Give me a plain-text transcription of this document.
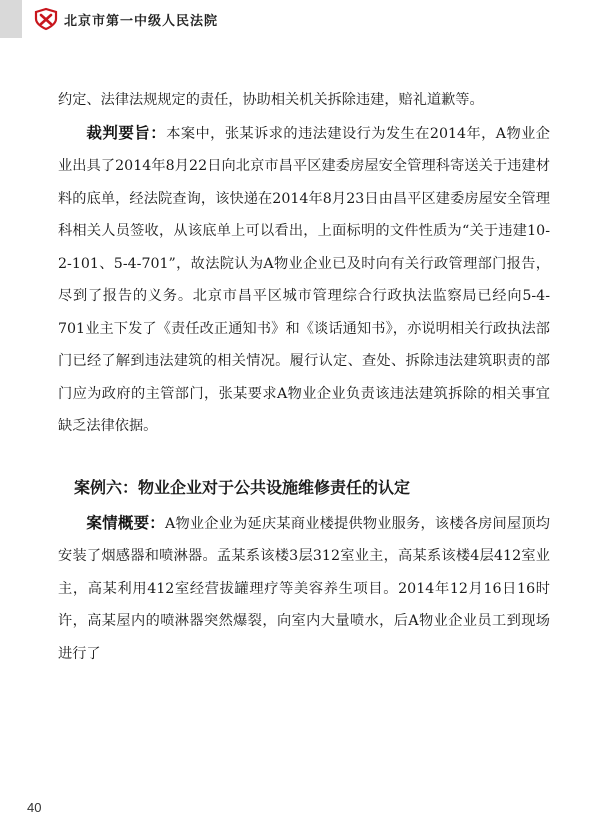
北京市第一中级人民法院

约定、法律法规规定的责任，协助相关机关拆除违建，赔礼道歉等。

裁判要旨：本案中，张某诉求的违法建设行为发生在2014年，A物业企业出具了2014年8月22日向北京市昌平区建委房屋安全管理科寄送关于违建材料的底单，经法院查询，该快递在2014年8月23日由昌平区建委房屋安全管理科相关人员签收，从该底单上可以看出，上面标明的文件性质为“关于违建10-2-101、5-4-701”，故法院认为A物业企业已及时向有关行政管理部门报告，尽到了报告的义务。北京市昌平区城市管理综合行政执法监察局已经向5-4-701业主下发了《责任改正通知书》和《谈话通知书》，亦说明相关行政执法部门已经了解到违法建筑的相关情况。履行认定、查处、拆除违法建筑职责的部门应为政府的主管部门，张某要求A物业企业负责该违法建筑拆除的相关事宜缺乏法律依据。

案例六：物业企业对于公共设施维修责任的认定

案情概要：A物业企业为延庆某商业楼提供物业服务，该楼各房间屋顶均安装了烟感器和喷淋器。孟某系该楼3层312室业主，高某系该楼4层412室业主，高某利用412室经营拔罐理疗等美容养生项目。2014年12月16日16时许，高某屋内的喷淋器突然爆裂，向室内大量喷水，后A物业企业员工到现场进行了

40
